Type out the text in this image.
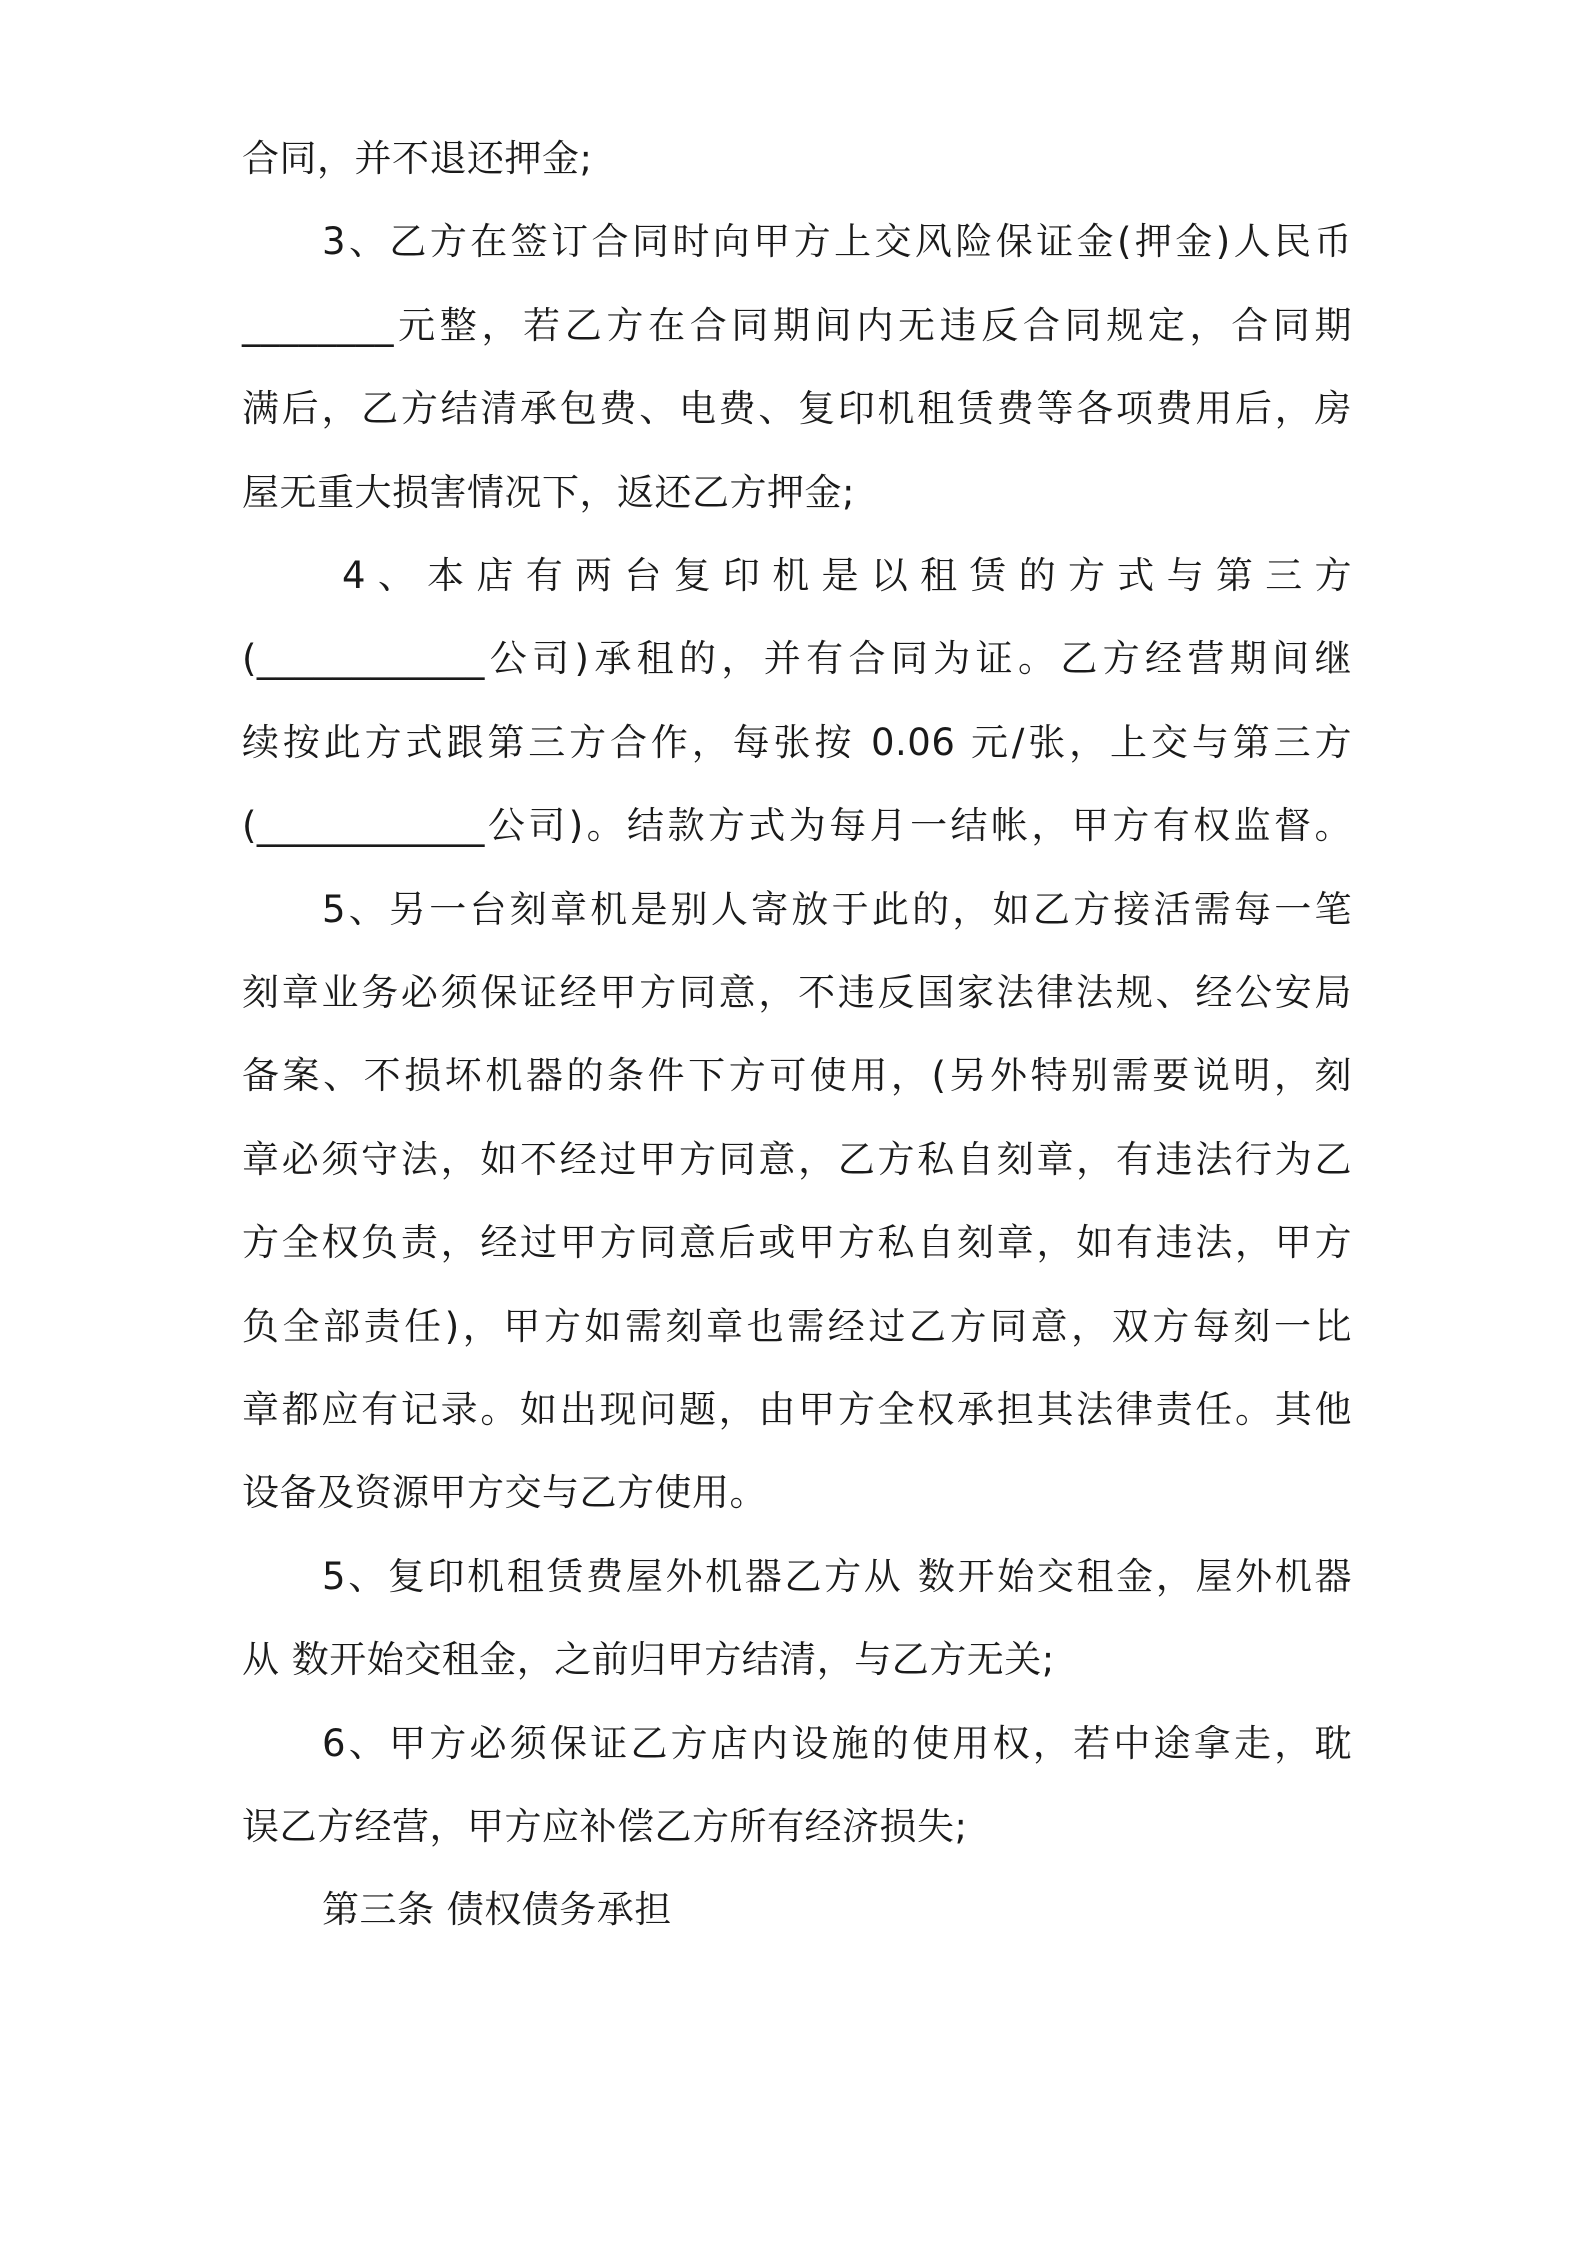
合同，并不退还押金;
3、乙方在签订合同时向甲方上交风险保证金(押金)人民币
________元整，若乙方在合同期间内无违反合同规定，合同期
满后，乙方结清承包费、电费、复印机租赁费等各项费用后，房
屋无重大损害情况下，返还乙方押金;
4、本店有两台复印机是以租赁的方式与第三方
(____________公司)承租的，并有合同为证。乙方经营期间继
续按此方式跟第三方合作，每张按 0.06 元/张，上交与第三方
(____________公司)。结款方式为每月一结帐，甲方有权监督。
5、另一台刻章机是别人寄放于此的，如乙方接活需每一笔
刻章业务必须保证经甲方同意，不违反国家法律法规、经公安局
备案、不损坏机器的条件下方可使用，(另外特别需要说明，刻
章必须守法，如不经过甲方同意，乙方私自刻章，有违法行为乙
方全权负责，经过甲方同意后或甲方私自刻章，如有违法，甲方
负全部责任)，甲方如需刻章也需经过乙方同意，双方每刻一比
章都应有记录。如出现问题，由甲方全权承担其法律责任。其他
设备及资源甲方交与乙方使用。
5、复印机租赁费屋外机器乙方从 数开始交租金，屋外机器
从 数开始交租金，之前归甲方结清，与乙方无关;
6、甲方必须保证乙方店内设施的使用权，若中途拿走，耽
误乙方经营，甲方应补偿乙方所有经济损失;
第三条 债权债务承担
